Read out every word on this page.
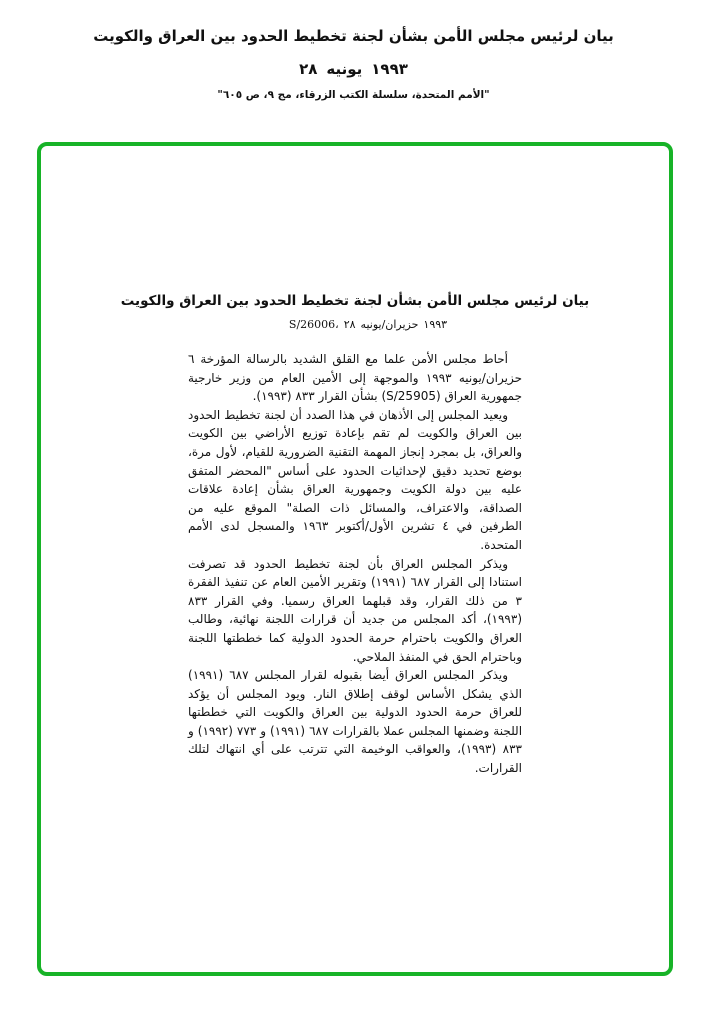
بيان لرئيس مجلس الأمن بشأن لجنة تخطيط الحدود بين العراق والكويت
٢٨ يونيه ١٩٩٣
"الأمم المتحدة، سلسلة الكتب الزرقاء، مج ٩، ص ٦٠٥"
بيان لرئيس مجلس الأمن بشأن لجنة تخطيط الحدود بين العراق والكويت
S/26006، ٢٨ حزيران/يونيه ١٩٩٣

أحاط مجلس الأمن علما مع القلق الشديد بالرسالة المؤرخة ٦ حزيران/يونيه ١٩٩٣ والموجهة إلى الأمين العام من وزير خارجية جمهورية العراق (S/25905) بشأن القرار ٨٣٣ (١٩٩٣).

ويعيد المجلس إلى الأذهان في هذا الصدد أن لجنة تخطيط الحدود بين العراق والكويت لم تقم بإعادة توزيع الأراضي بين الكويت والعراق، بل بمجرد إنجاز المهمة التقنية الضرورية للقيام، لأول مرة، بوضع تحديد دقيق لإحداثيات الحدود على أساس "المحضر المتفق عليه بين دولة الكويت وجمهورية العراق بشأن إعادة علاقات الصداقة، والاعتراف، والمسائل ذات الصلة" الموقع عليه من الطرفين في ٤ تشرين الأول/أكتوبر ١٩٦٣ والمسجل لدى الأمم المتحدة.

ويذكر المجلس العراق بأن لجنة تخطيط الحدود قد تصرفت استنادا إلى القرار ٦٨٧ (١٩٩١) وتقرير الأمين العام عن تنفيذ الفقرة ٣ من ذلك القرار، وقد قبلهما العراق رسميا. وفي القرار ٨٣٣ (١٩٩٣)، أكد المجلس من جديد أن قرارات اللجنة نهائية، وطالب العراق والكويت باحترام حرمة الحدود الدولية كما خططتها اللجنة وباحترام الحق في المنفذ الملاحي.

ويذكر المجلس العراق أيضا بقبوله لقرار المجلس ٦٨٧ (١٩٩١) الذي يشكل الأساس لوقف إطلاق النار. ويود المجلس أن يؤكد للعراق حرمة الحدود الدولية بين العراق والكويت التي خططتها اللجنة وضمنها المجلس عملا بالقرارات ٦٨٧ (١٩٩١) و ٧٧٣ (١٩٩٢) و ٨٣٣ (١٩٩٣)، والعواقب الوخيمة التي تترتب على أي انتهاك لتلك القرارات.
